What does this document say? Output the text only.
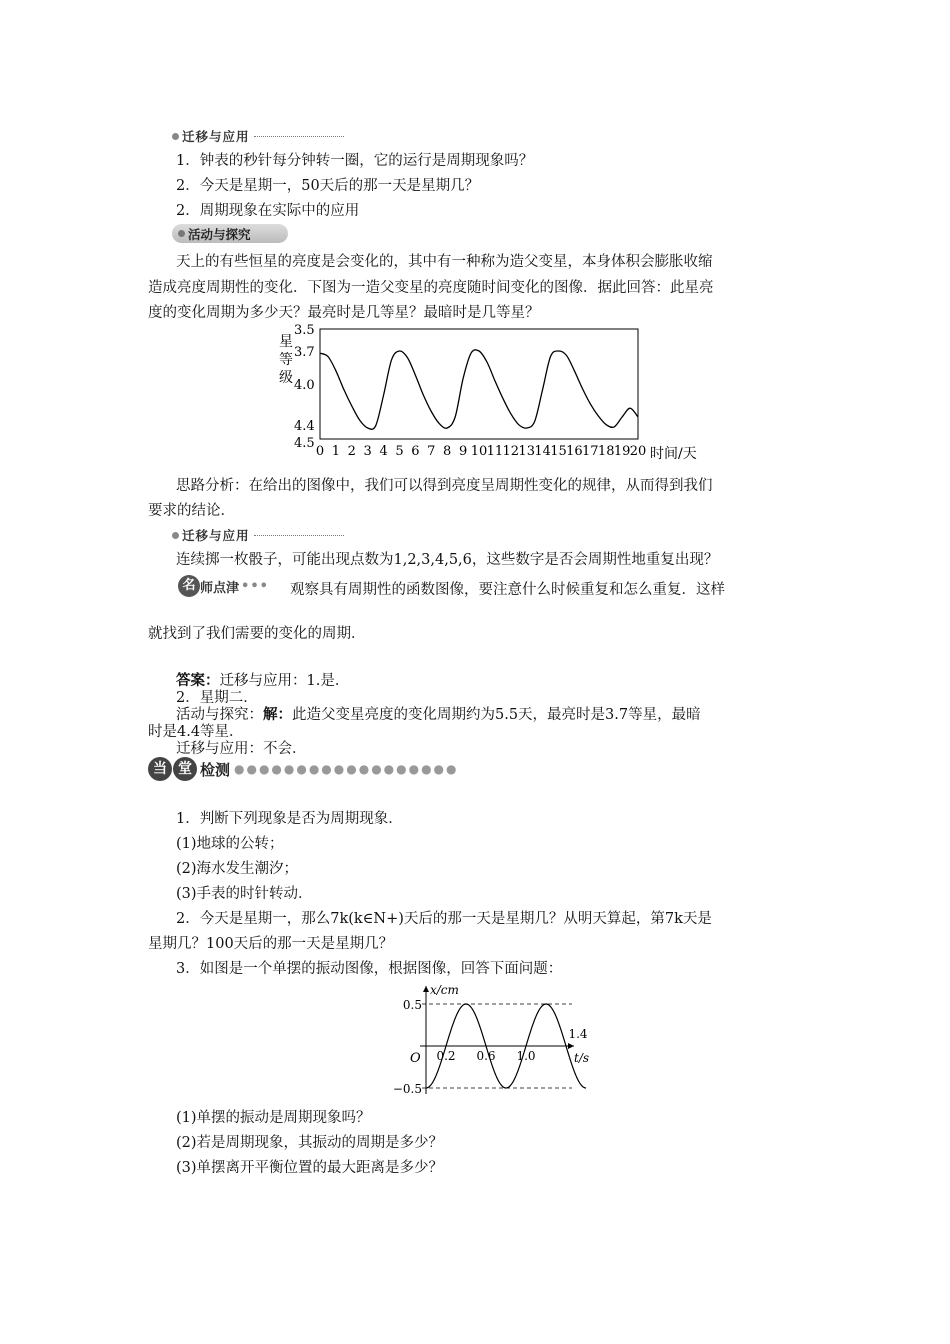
迁移与应用
1．钟表的秒针每分钟转一圈，它的运行是周期现象吗？
2．今天是星期一，50天后的那一天是星期几？
2．周期现象在实际中的应用
活动与探究
天上的有些恒星的亮度是会变化的，其中有一种称为造父变星，本身体积会膨胀收缩
造成亮度周期性的变化．下图为一造父变星的亮度随时间变化的图像．据此回答：此星亮
度的变化周期为多少天？最亮时是几等星？最暗时是几等星？
星
等
级
3.5
3.7
4.0
4.4
4.5
0 1 2 3 4 5 6 7 8 9 10 11 12 13 14 15 16 17 18 19 20 时间/天
思路分析：在给出的图像中，我们可以得到亮度呈周期性变化的规律，从而得到我们
要求的结论．
迁移与应用
连续掷一枚骰子，可能出现点数为1,2,3,4,5,6，这些数字是否会周期性地重复出现？
名 师点津 ••• 观察具有周期性的函数图像，要注意什么时候重复和怎么重复．这样
就找到了我们需要的变化的周期．
答案：迁移与应用：1.是．
2．星期二．
活动与探究：解：此造父变星亮度的变化周期约为5.5天，最亮时是3.7等星，最暗
时是4.4等星．
迁移与应用：不会．
当 堂 检测 ●●●●●●●●●●●●●●●●●●
1．判断下列现象是否为周期现象．
(1)地球的公转；
(2)海水发生潮汐；
(3)手表的时针转动．
2．今天是星期一，那么7k(k∈N+)天后的那一天是星期几？从明天算起，第7k天是
星期几？100天后的那一天是星期几？
3．如图是一个单摆的振动图像，根据图像，回答下面问题：
x/cm
t/s
O
0.5
−0.5
0.2 0.6 1.0
1.4
(1)单摆的振动是周期现象吗？
(2)若是周期现象，其振动的周期是多少？
(3)单摆离开平衡位置的最大距离是多少？
